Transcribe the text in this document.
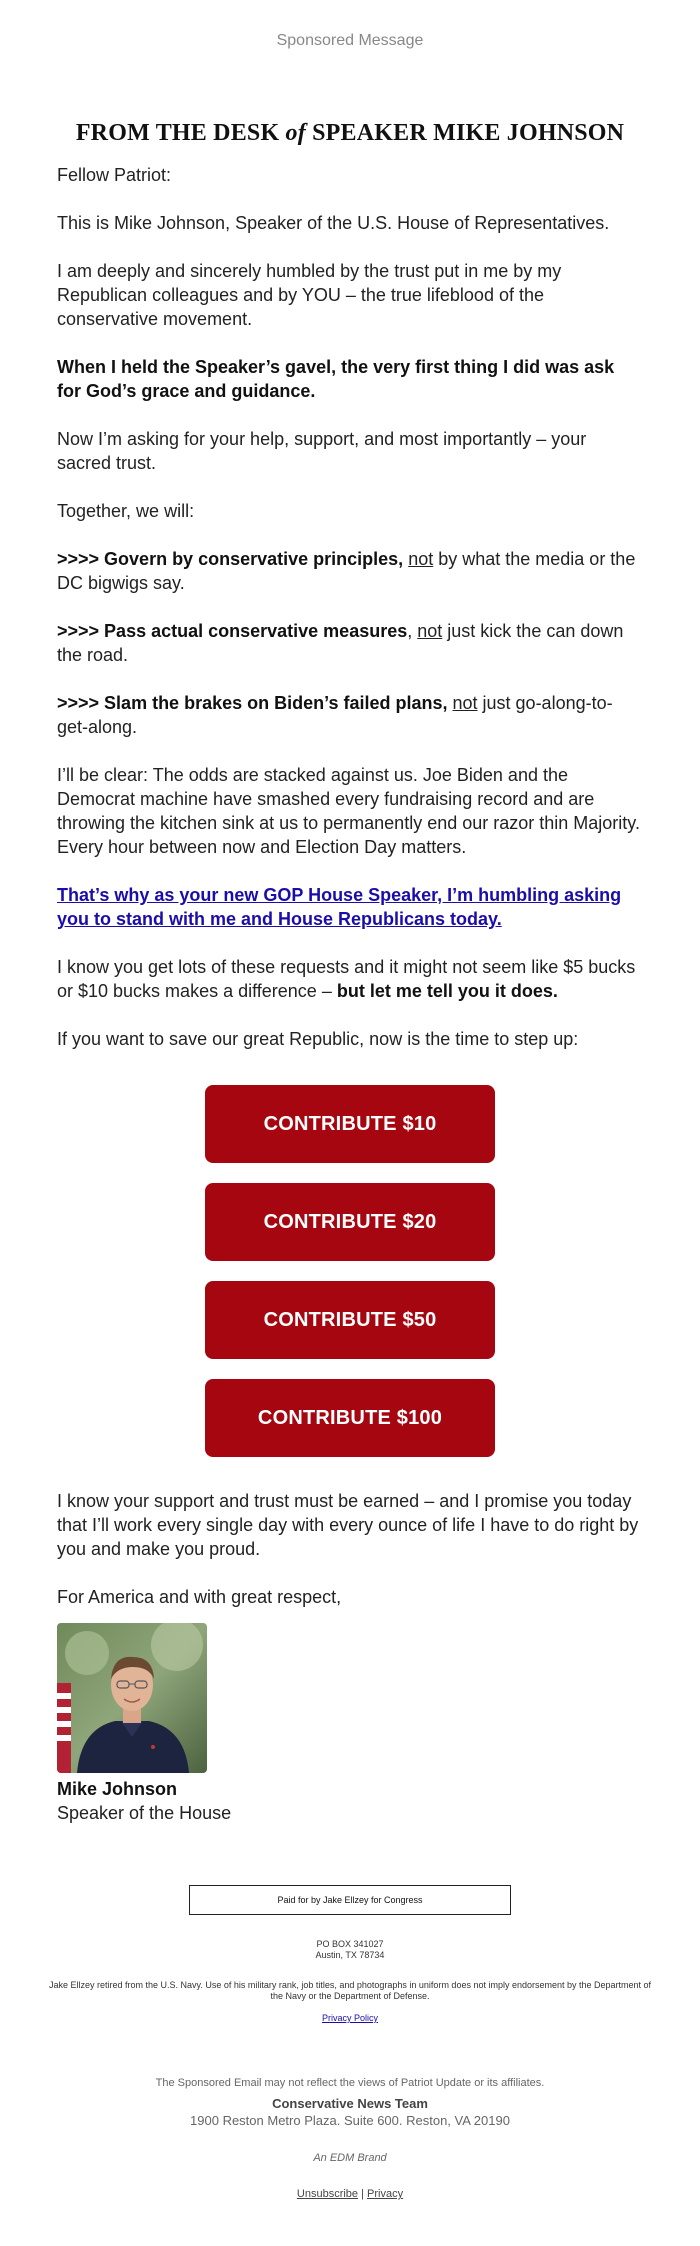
Sponsored Message
FROM THE DESK of SPEAKER MIKE JOHNSON

Fellow Patriot:

This is Mike Johnson, Speaker of the U.S. House of Representatives.

I am deeply and sincerely humbled by the trust put in me by my Republican colleagues and by YOU – the true lifeblood of the conservative movement.

When I held the Speaker’s gavel, the very first thing I did was ask for God’s grace and guidance.

Now I’m asking for your help, support, and most importantly – your sacred trust.

Together, we will:

>>>> Govern by conservative principles, not by what the media or the DC bigwigs say.

>>>> Pass actual conservative measures, not just kick the can down the road.

>>>> Slam the brakes on Biden’s failed plans, not just go-along-to-get-along.

I’ll be clear: The odds are stacked against us. Joe Biden and the Democrat machine have smashed every fundraising record and are throwing the kitchen sink at us to permanently end our razor thin Majority. Every hour between now and Election Day matters.

That’s why as your new GOP House Speaker, I’m humbling asking you to stand with me and House Republicans today.

I know you get lots of these requests and it might not seem like $5 bucks or $10 bucks makes a difference – but let me tell you it does.

If you want to save our great Republic, now is the time to step up:

CONTRIBUTE $10
CONTRIBUTE $20
CONTRIBUTE $50
CONTRIBUTE $100

I know your support and trust must be earned – and I promise you today that I’ll work every single day with every ounce of life I have to do right by you and make you proud.

For America and with great respect,

Mike Johnson
Speaker of the House
Paid for by Jake Ellzey for Congress
PO BOX 341027
Austin, TX 78734
Jake Ellzey retired from the U.S. Navy. Use of his military rank, job titles, and photographs in uniform does not imply endorsement by the Department of the Navy or the Department of Defense.
Privacy Policy
The Sponsored Email may not reflect the views of Patriot Update or its affiliates.
Conservative News Team
1900 Reston Metro Plaza. Suite 600. Reston, VA 20190
An EDM Brand
Unsubscribe | Privacy
